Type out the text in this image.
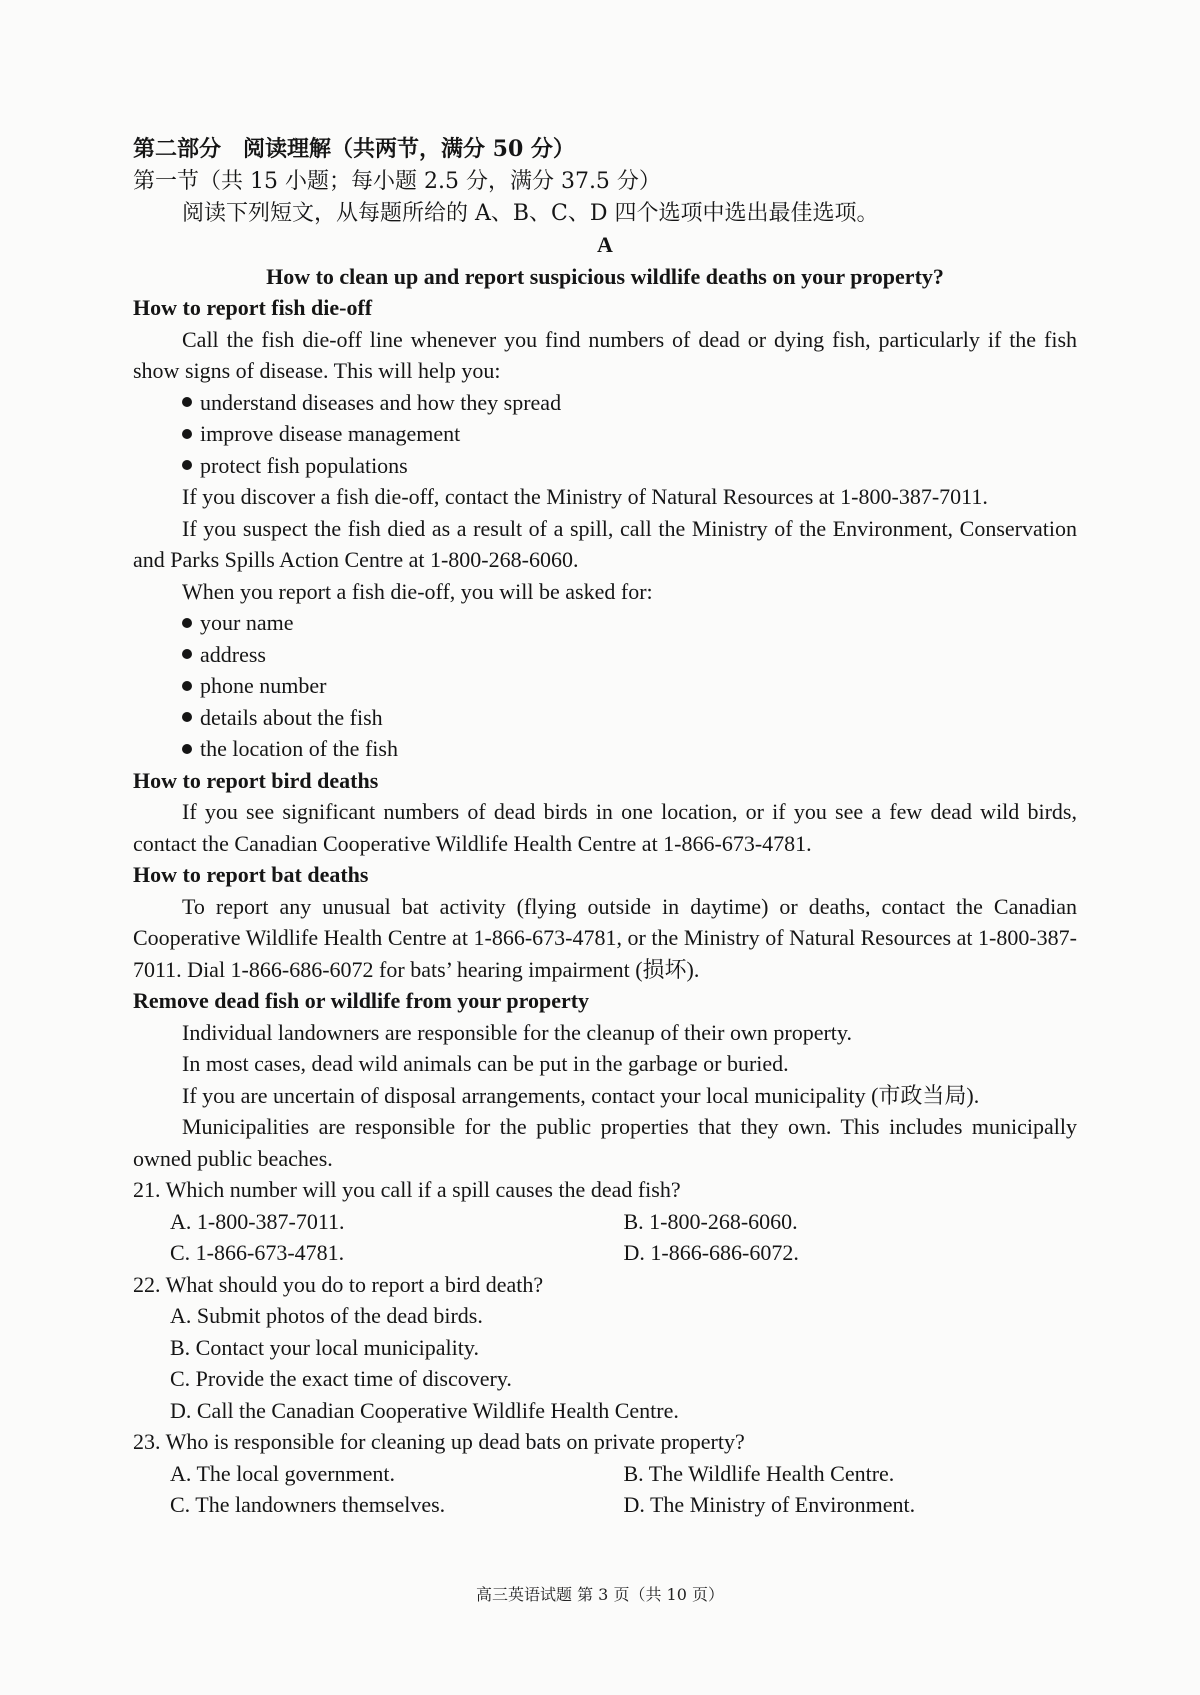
第二部分　阅读理解（共两节，满分 50 分）
第一节（共 15 小题；每小题 2.5 分，满分 37.5 分）
阅读下列短文，从每题所给的 A、B、C、D 四个选项中选出最佳选项。
A
How to clean up and report suspicious wildlife deaths on your property?
How to report fish die-off
Call the fish die-off line whenever you find numbers of dead or dying fish, particularly if the fish show signs of disease. This will help you:
understand diseases and how they spread
improve disease management
protect fish populations
If you discover a fish die-off, contact the Ministry of Natural Resources at 1-800-387-7011.
If you suspect the fish died as a result of a spill, call the Ministry of the Environment, Conservation and Parks Spills Action Centre at 1-800-268-6060.
When you report a fish die-off, you will be asked for:
your name
address
phone number
details about the fish
the location of the fish
How to report bird deaths
If you see significant numbers of dead birds in one location, or if you see a few dead wild birds, contact the Canadian Cooperative Wildlife Health Centre at 1-866-673-4781.
How to report bat deaths
To report any unusual bat activity (flying outside in daytime) or deaths, contact the Canadian Cooperative Wildlife Health Centre at 1-866-673-4781, or the Ministry of Natural Resources at 1-800-387-7011. Dial 1-866-686-6072 for bats’ hearing impairment (损坏).
Remove dead fish or wildlife from your property
Individual landowners are responsible for the cleanup of their own property.
In most cases, dead wild animals can be put in the garbage or buried.
If you are uncertain of disposal arrangements, contact your local municipality (市政当局).
Municipalities are responsible for the public properties that they own. This includes municipally owned public beaches.
21. Which number will you call if a spill causes the dead fish?
A. 1-800-387-7011.	B. 1-800-268-6060.
C. 1-866-673-4781.	D. 1-866-686-6072.
22. What should you do to report a bird death?
A. Submit photos of the dead birds.
B. Contact your local municipality.
C. Provide the exact time of discovery.
D. Call the Canadian Cooperative Wildlife Health Centre.
23. Who is responsible for cleaning up dead bats on private property?
A. The local government.	B. The Wildlife Health Centre.
C. The landowners themselves.	D. The Ministry of Environment.
高三英语试题 第 3 页（共 10 页）
